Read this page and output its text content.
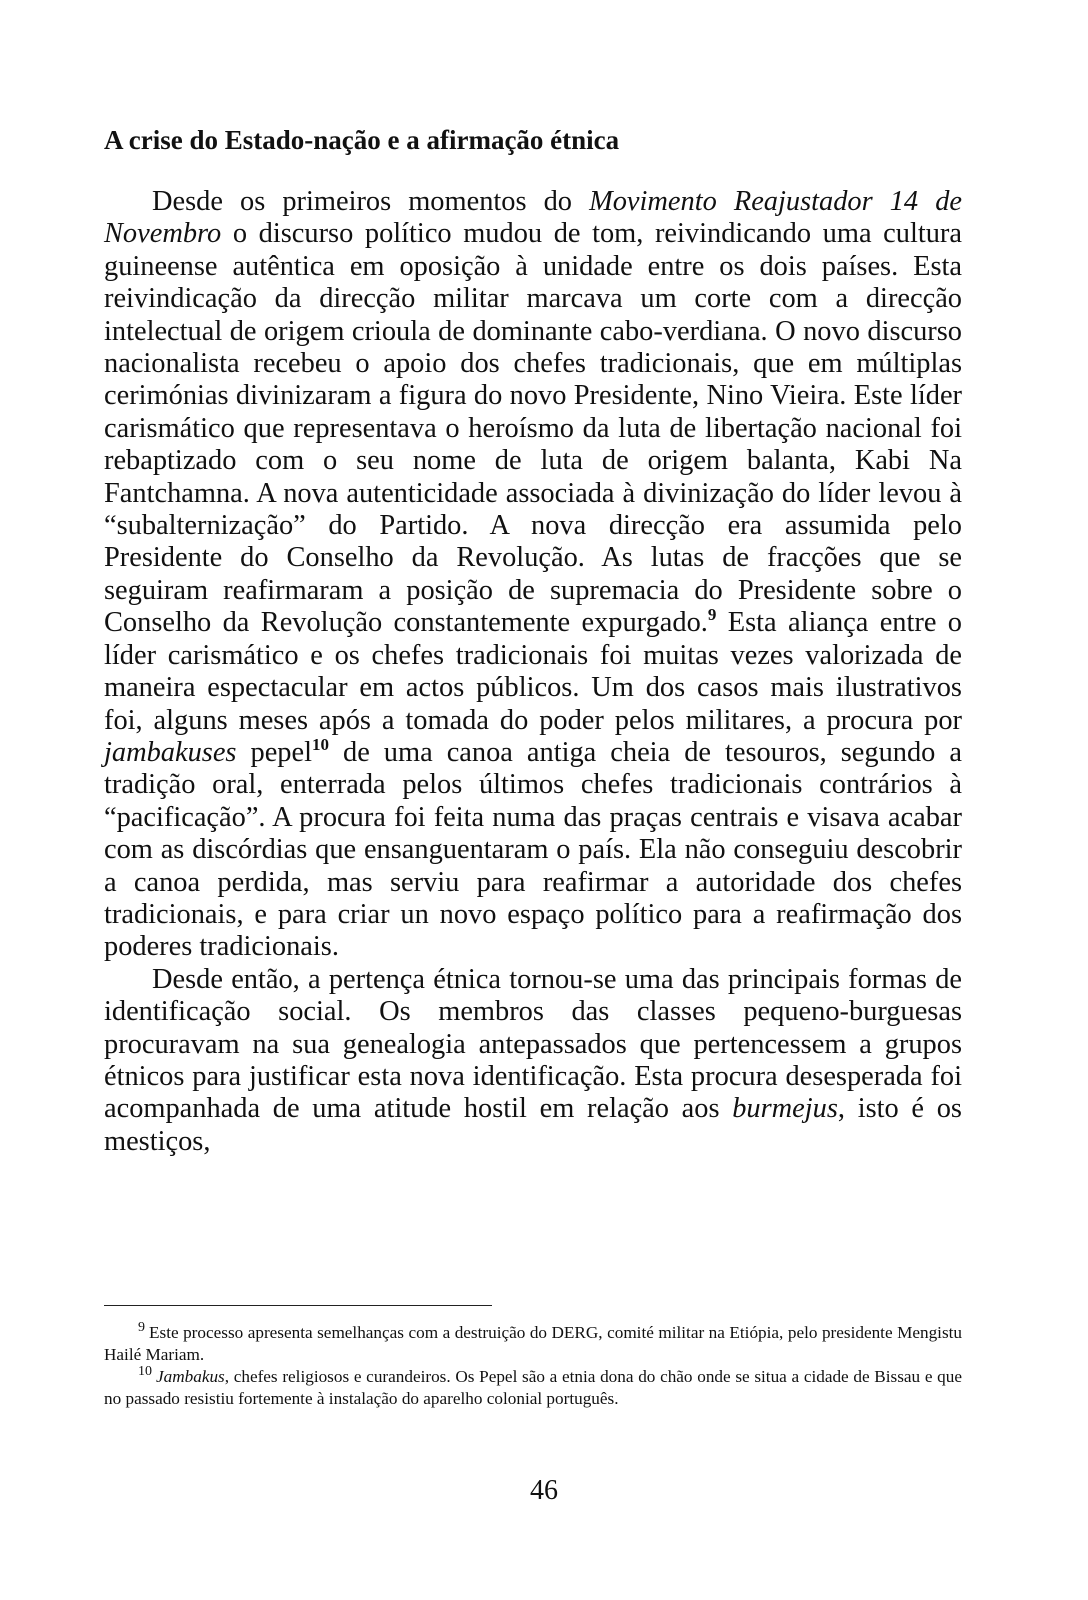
A crise do Estado-nação e a afirmação étnica

Desde os primeiros momentos do Movimento Reajustador 14 de Novembro o discurso político mudou de tom, reivindicando uma cultura guineense autêntica em oposição à unidade entre os dois países. Esta reivindicação da direcção militar marcava um corte com a direcção intelectual de origem crioula de dominante cabo-verdiana. O novo discurso nacionalista recebeu o apoio dos chefes tradicionais, que em múltiplas cerimónias divinizaram a figura do novo Presidente, Nino Vieira. Este líder carismático que representava o heroísmo da luta de libertação nacional foi rebaptizado com o seu nome de luta de origem balanta, Kabi Na Fantchamna. A nova autenticidade associada à divinização do líder levou à “subalternização” do Partido. A nova direcção era assumida pelo Presidente do Conselho da Revolução. As lutas de fracções que se seguiram reafirmaram a posição de supremacia do Presidente sobre o Conselho da Revolução constantemente expurgado.$^9$ Esta aliança entre o líder carismático e os chefes tradicionais foi muitas vezes valorizada de maneira espectacular em actos públicos. Um dos casos mais ilustrativos foi, alguns meses após a tomada do poder pelos militares, a procura por jambakuses pepel$^{10}$ de uma canoa antiga cheia de tesouros, segundo a tradição oral, enterrada pelos últimos chefes tradicionais contrários à “pacificação”. A procura foi feita numa das praças centrais e visava acabar com as discórdias que ensanguentaram o país. Ela não conseguiu descobrir a canoa perdida, mas serviu para reafirmar a autoridade dos chefes tradicionais, e para criar un novo espaço político para a reafirmação dos poderes tradicionais.

Desde então, a pertença étnica tornou-se uma das principais formas de identificação social. Os membros das classes pequeno-burguesas procuravam na sua genealogia antepassados que pertencessem a grupos étnicos para justificar esta nova identificação. Esta procura desesperada foi acompanhada de uma atitude hostil em relação aos burmejus, isto é os mestiços,

$^9$ Este processo apresenta semelhanças com a destruição do DERG, comité militar na Etiópia, pelo presidente Mengistu Hailé Mariam.

$^{10}$ Jambakus, chefes religiosos e curandeiros. Os Pepel são a etnia dona do chão onde se situa a cidade de Bissau e que no passado resistiu fortemente à instalação do aparelho colonial português.

46
